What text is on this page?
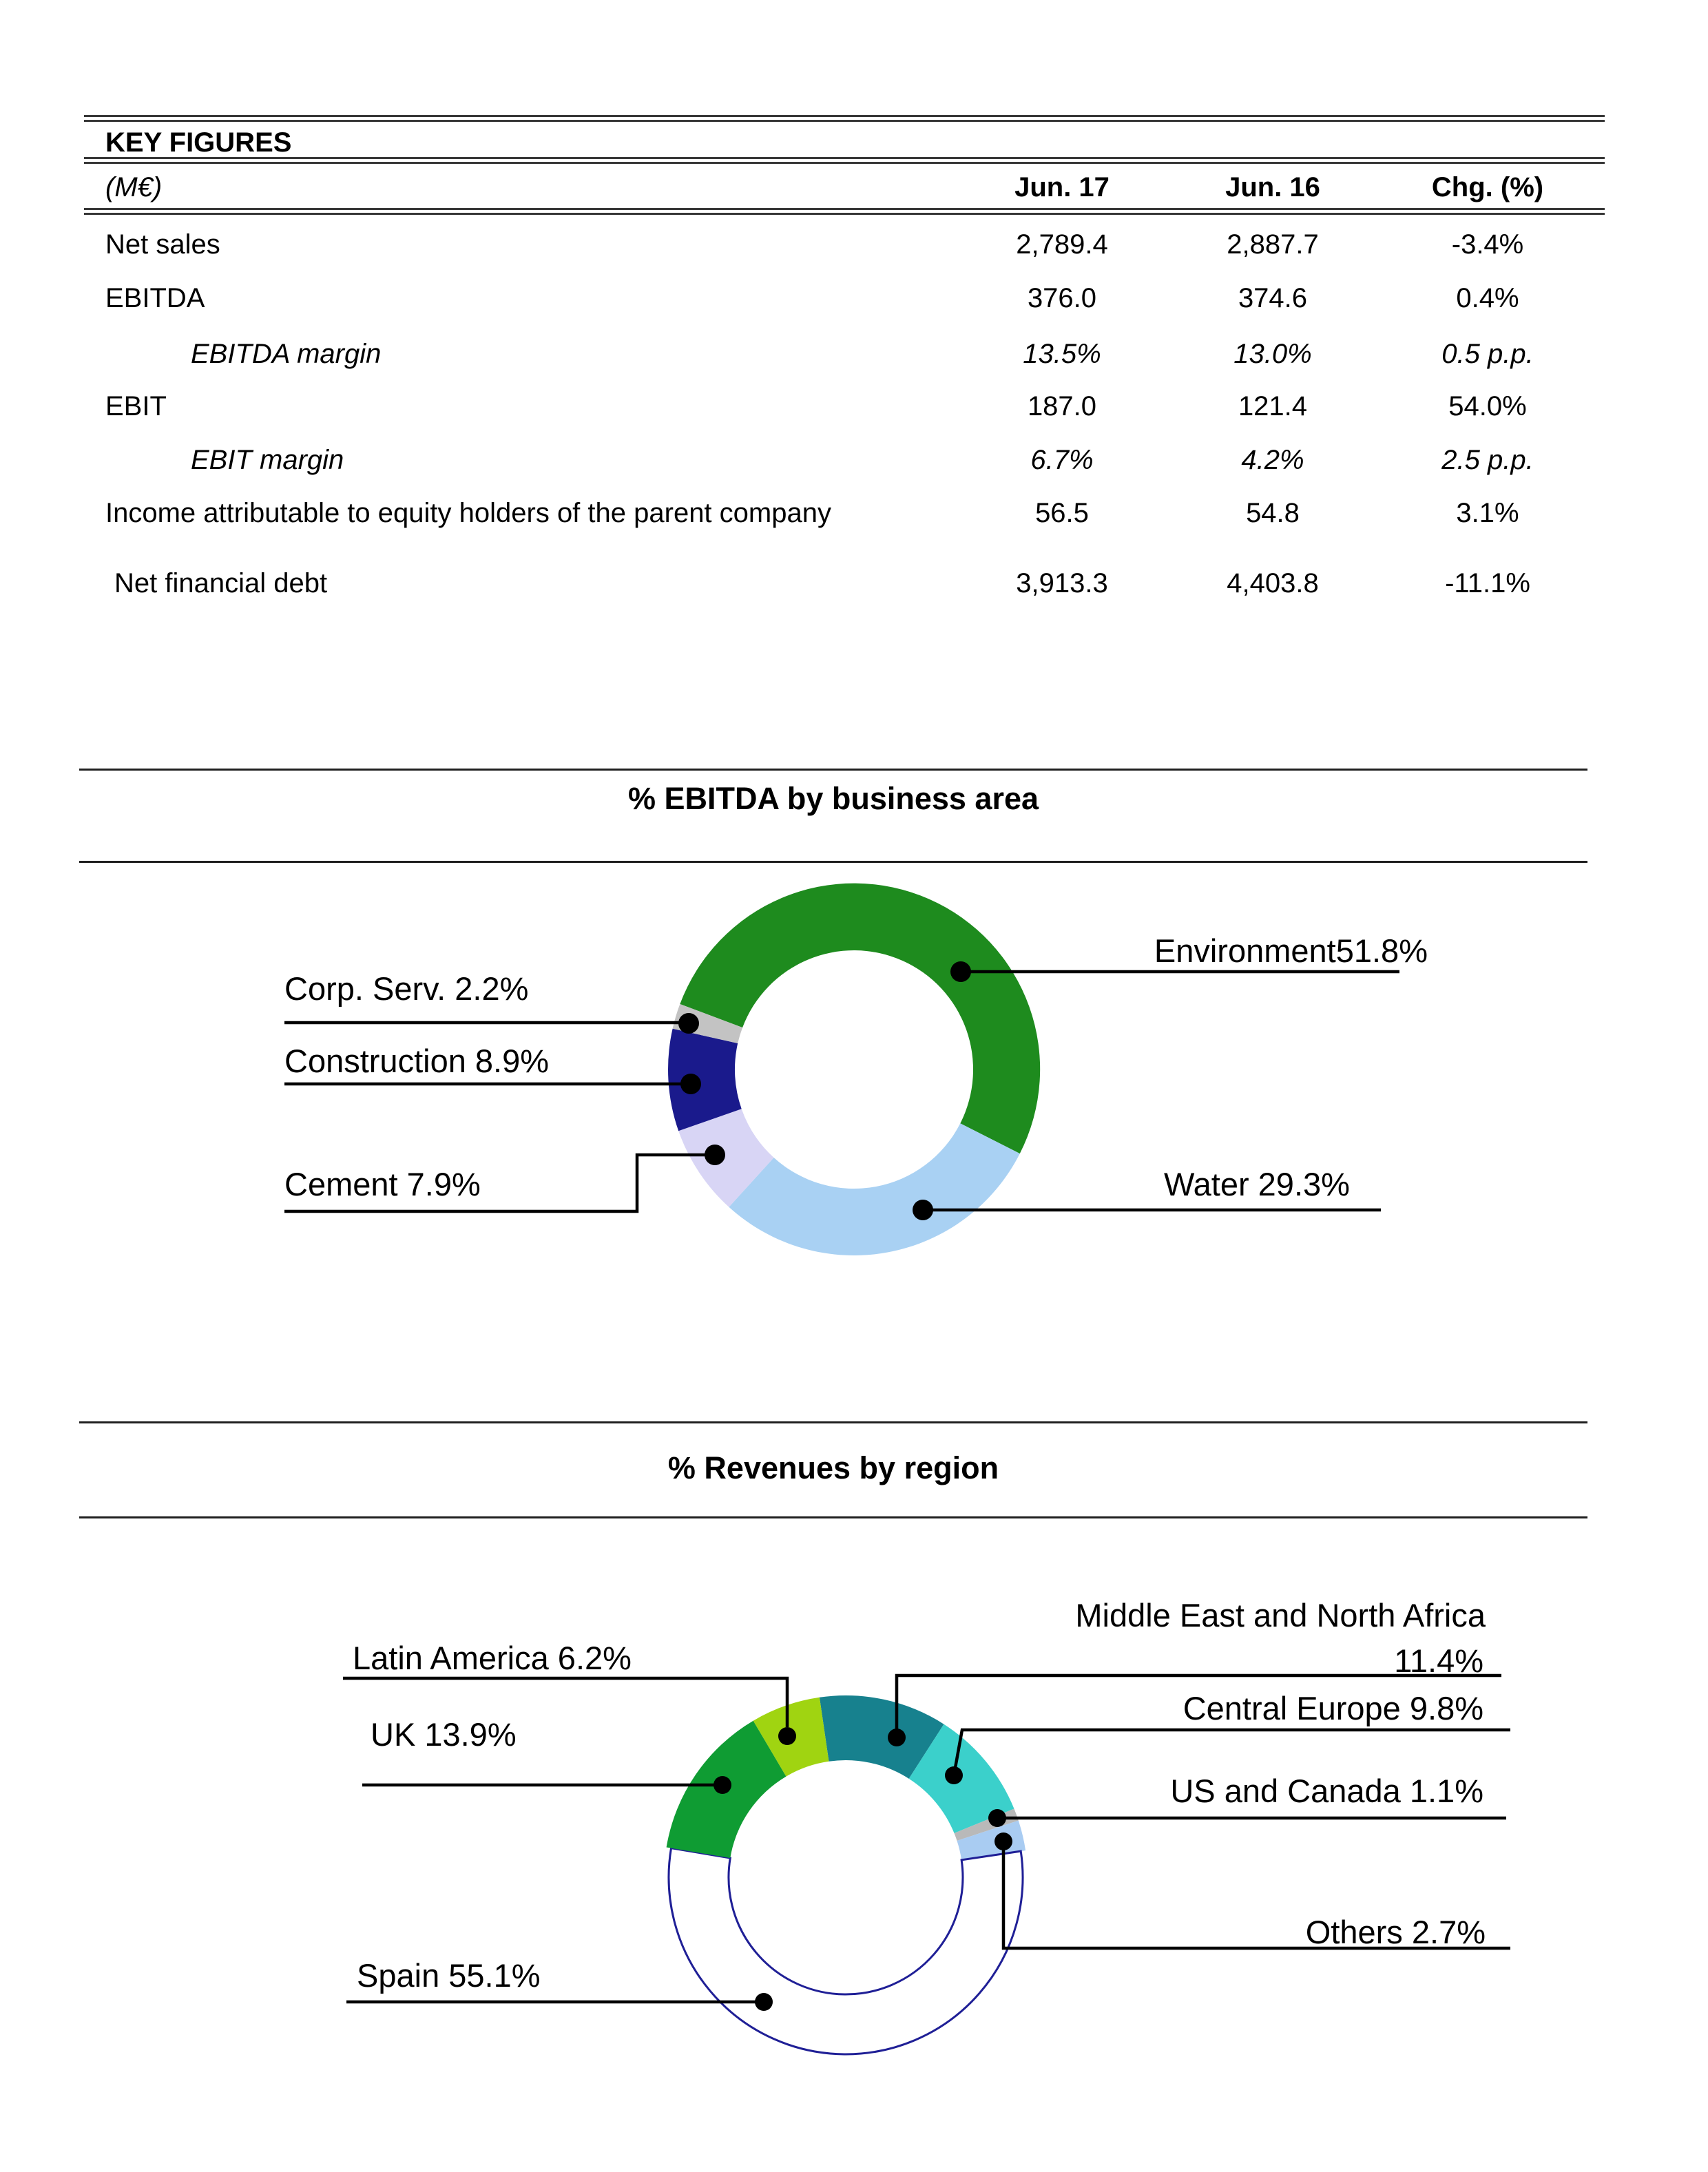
KEY FIGURES
(M€)	Jun. 17	Jun. 16	Chg. (%)
Net sales	2,789.4	2,887.7	-3.4%
EBITDA	376.0	374.6	0.4%
EBITDA margin	13.5%	13.0%	0.5 p.p.
EBIT	187.0	121.4	54.0%
EBIT margin	6.7%	4.2%	2.5 p.p.
Income attributable to equity holders of the parent company	56.5	54.8	3.1%
Net financial debt	3,913.3	4,403.8	-11.1%
% EBITDA by business area
% Revenues by region
Environment51.8%
Corp. Serv. 2.2%
Construction 8.9%
Cement 7.9%	Water 29.3%
Middle East and North Africa
11.4%
Central Europe 9.8%
US and Canada 1.1%
Others 2.7%
Spain 55.1%
UK 13.9%
Latin America 6.2%
